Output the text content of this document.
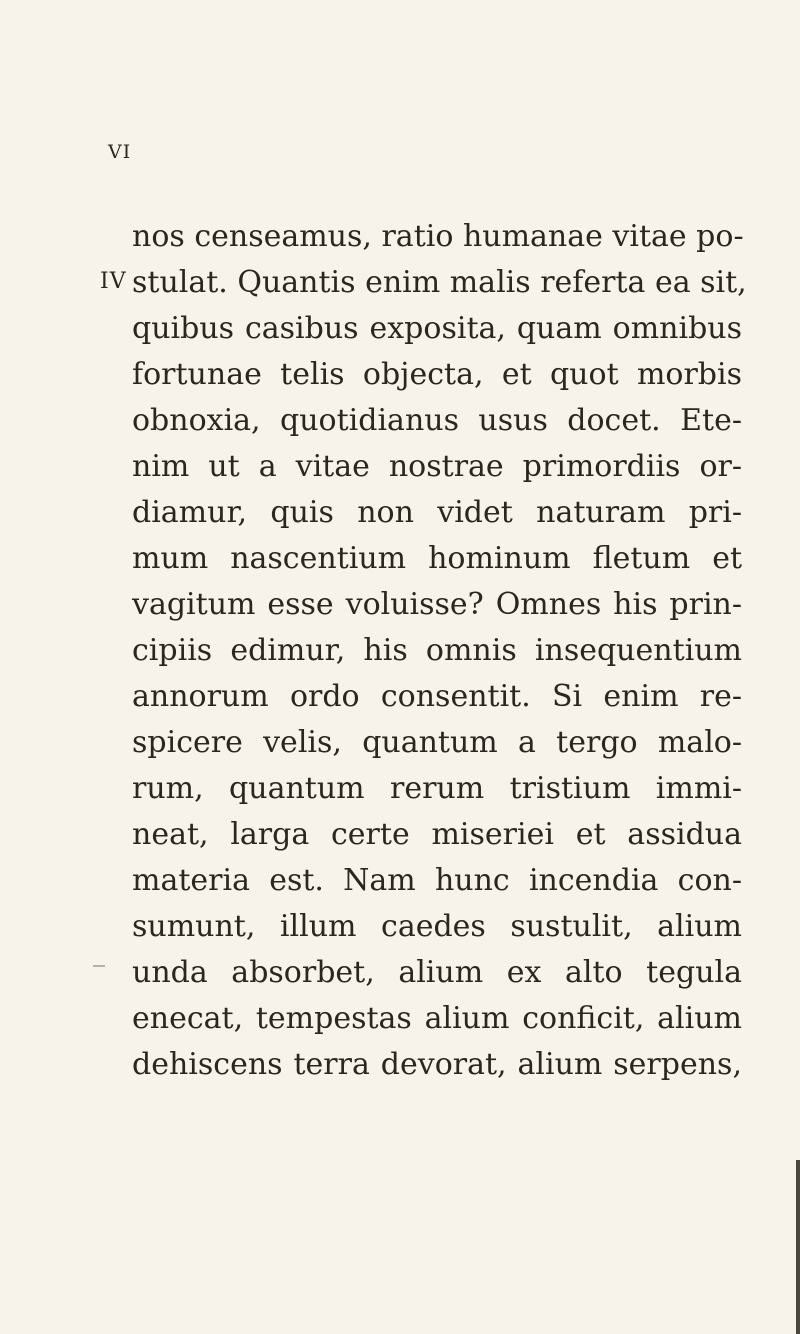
VI
IV
nos censeamus, ratio humanae vitae po-
stulat. Quantis enim malis referta ea sit,
quibus casibus exposita, quam omnibus
fortunae telis objecta, et quot morbis
obnoxia, quotidianus usus docet. Ete-
nim ut a vitae nostrae primordiis or-
diamur, quis non videt naturam pri-
mum nascentium hominum fletum et
vagitum esse voluisse? Omnes his prin-
cipiis edimur, his omnis insequentium
annorum ordo consentit. Si enim re-
spicere velis, quantum a tergo malo-
rum, quantum rerum tristium immi-
neat, larga certe miseriei et assidua
materia est. Nam hunc incendia con-
sumunt, illum caedes sustulit, alium
unda absorbet, alium ex alto tegula
enecat, tempestas alium conficit, alium
dehiscens terra devorat, alium serpens,
